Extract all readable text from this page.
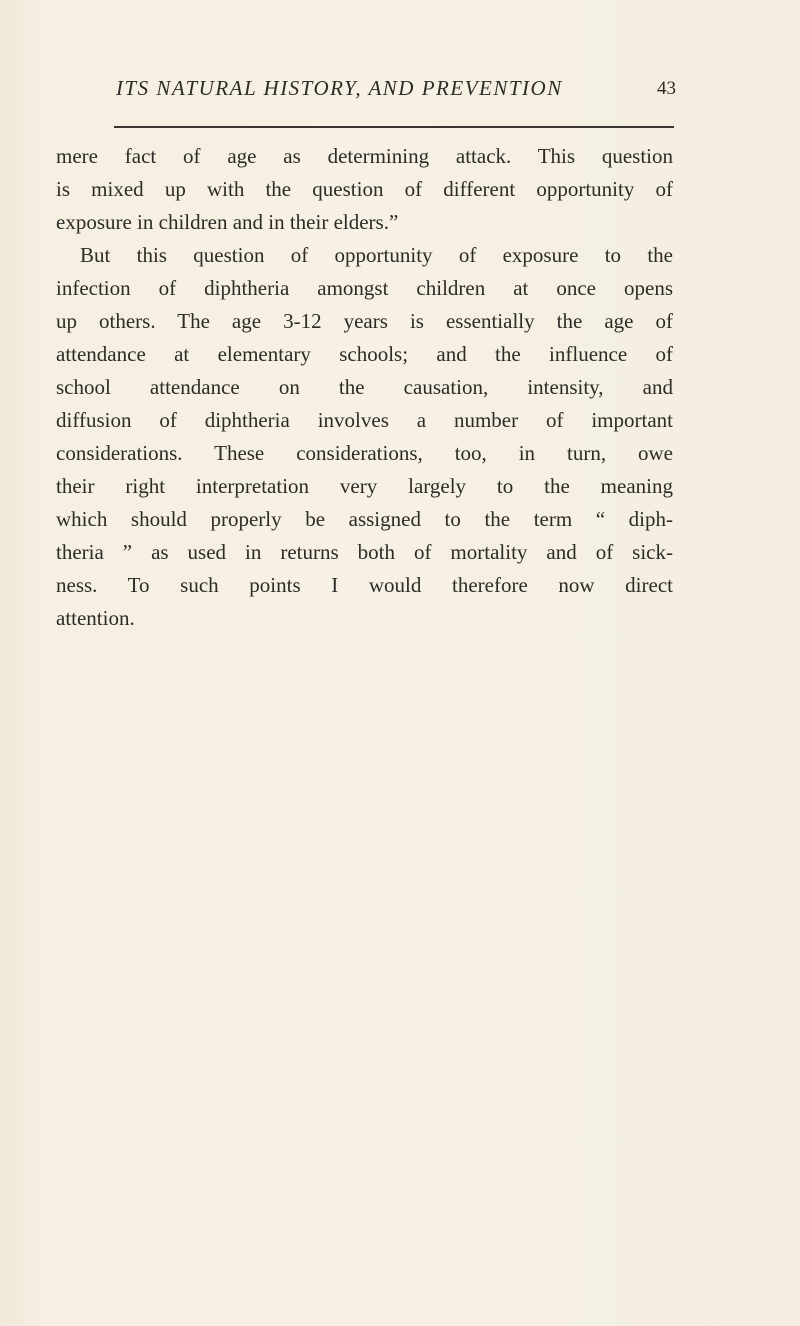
ITS NATURAL HISTORY, AND PREVENTION	43
mere fact of age as determining attack. This question
is mixed up with the question of different opportunity of
exposure in children and in their elders.”
But this question of opportunity of exposure to the
infection of diphtheria amongst children at once opens
up others. The age 3-12 years is essentially the age of
attendance at elementary schools; and the influence of
school attendance on the causation, intensity, and
diffusion of diphtheria involves a number of important
considerations. These considerations, too, in turn, owe
their right interpretation very largely to the meaning
which should properly be assigned to the term “ diph-
theria ” as used in returns both of mortality and of sick-
ness. To such points I would therefore now direct
attention.
